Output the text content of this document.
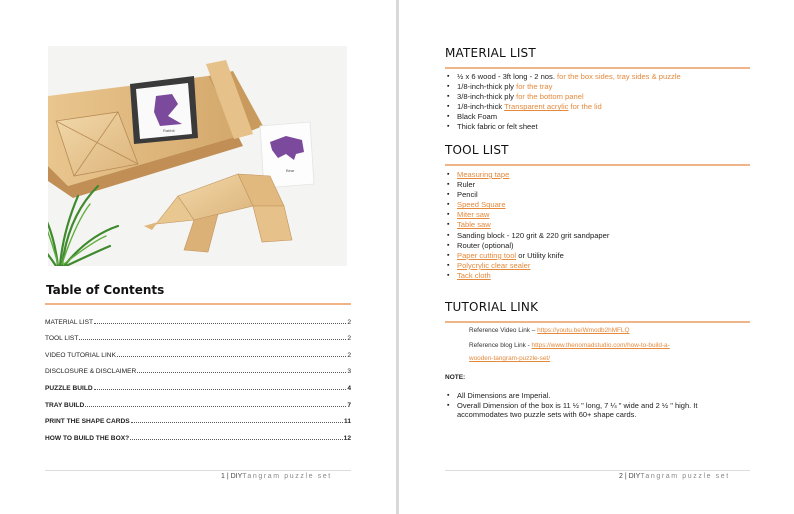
Rabbit
Bear
Table of Contents
MATERIAL LIST	2
TOOL LIST	2
VIDEO TUTORIAL LINK	2
DISCLOSURE & DISCLAIMER	3
PUZZLE BUILD	4
TRAY BUILD	7
PRINT THE SHAPE CARDS	11
HOW TO BUILD THE BOX?	12
1 | DIYTangram puzzle set
MATERIAL LIST
▪ ½ x 6 wood - 3ft long - 2 nos. for the box sides, tray sides & puzzle
▪ 1/8-inch-thick ply for the tray
▪ 3/8-inch-thick ply for the bottom panel
▪ 1/8-inch-thick Transparent acrylic for the lid
▪ Black Foam
▪ Thick fabric or felt sheet
TOOL LIST
▪ Measuring tape
▪ Ruler
▪ Pencil
▪ Speed Square
▪ Miter saw
▪ Table saw
▪ Sanding block - 120 grit & 220 grit sandpaper
▪ Router (optional)
▪ Paper cutting tool or Utility knife
▪ Polycrylic clear sealer
▪ Tack cloth
TUTORIAL LINK
Reference Video Link – https://youtu.be/Wmodb2hMFLQ
Reference blog Link - https://www.thenomadstudio.com/how-to-build-a-
wooden-tangram-puzzle-set/
NOTE:
▪ All Dimensions are Imperial.
▪ Overall Dimension of the box is 11 ½ " long, 7 ¼ " wide and 2 ½ " high. It accommodates two puzzle sets with 60+ shape cards.
2 | DIYTangram puzzle set
